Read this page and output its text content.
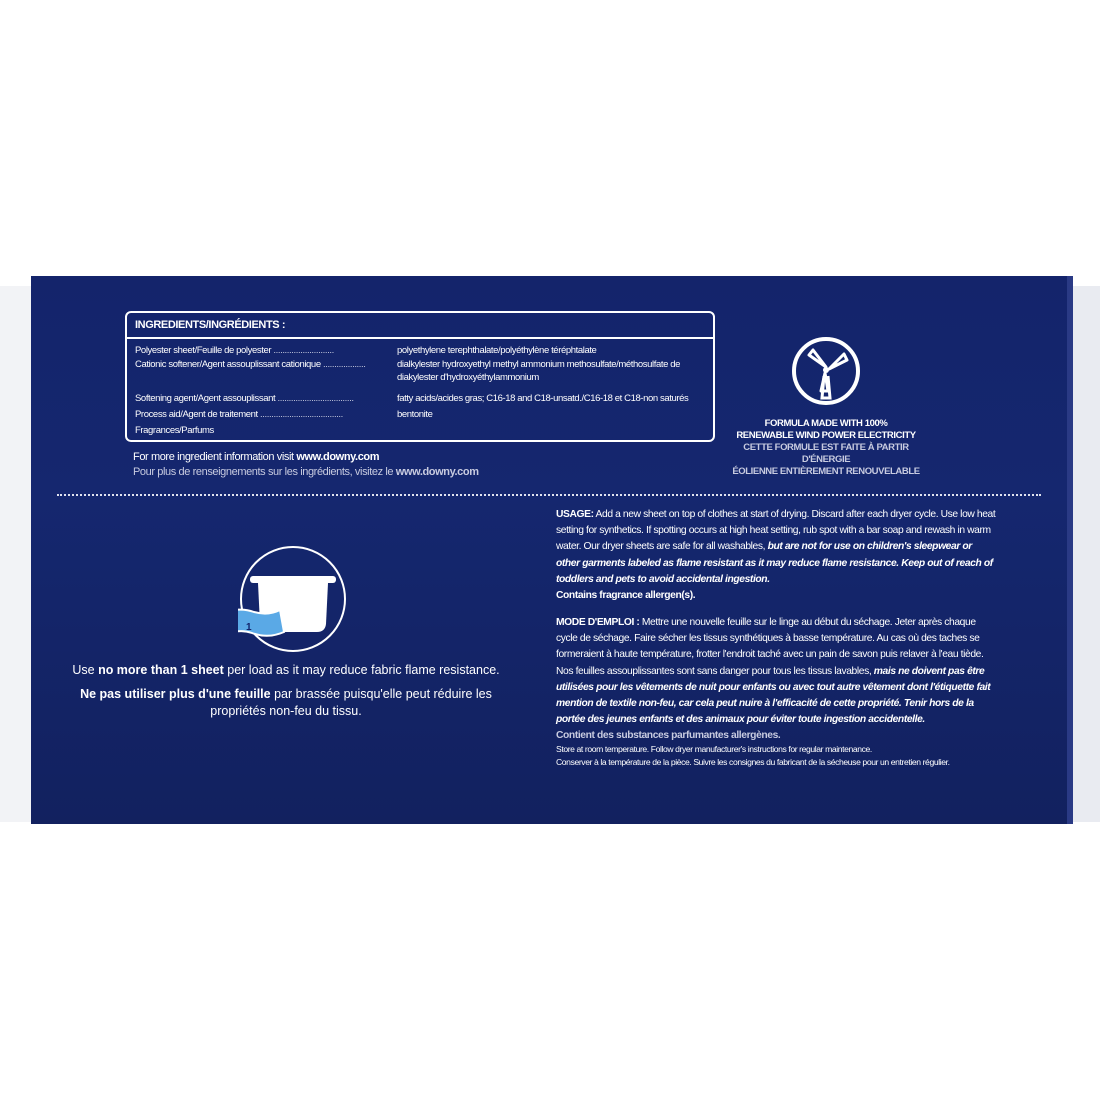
INGREDIENTS/INGRÉDIENTS :
Polyester sheet/Feuille de polyester ...........................	polyethylene terephthalate/polyéthylène téréphtalate
Cationic softener/Agent assouplissant cationique ...................	dialkylester hydroxyethyl methyl ammonium methosulfate/méthosulfate de diakylester d'hydroxyéthylammonium
Softening agent/Agent assouplissant ..................................	fatty acids/acides gras; C16-18 and C18-unsatd./C16-18 et C18-non saturés
Process aid/Agent de traitement .....................................	bentonite
Fragrances/Parfums
For more ingredient information visit www.downy.com
Pour plus de renseignements sur les ingrédients, visitez le www.downy.com
FORMULA MADE WITH 100%
RENEWABLE WIND POWER ELECTRICITY
CETTE FORMULE EST FAITE À PARTIR D'ÉNERGIE
ÉOLIENNE ENTIÈREMENT RENOUVELABLE
1
Use no more than 1 sheet per load as it may reduce fabric flame resistance.
Ne pas utiliser plus d'une feuille par brassée puisqu'elle peut réduire les propriétés non-feu du tissu.
USAGE: Add a new sheet on top of clothes at start of drying. Discard after each dryer cycle. Use low heat setting for synthetics. If spotting occurs at high heat setting, rub spot with a bar soap and rewash in warm water. Our dryer sheets are safe for all washables, but are not for use on children's sleepwear or other garments labeled as flame resistant as it may reduce flame resistance. Keep out of reach of toddlers and pets to avoid accidental ingestion.
Contains fragrance allergen(s).
MODE D'EMPLOI : Mettre une nouvelle feuille sur le linge au début du séchage. Jeter après chaque cycle de séchage. Faire sécher les tissus synthétiques à basse température. Au cas où des taches se formeraient à haute température, frotter l'endroit taché avec un pain de savon puis relaver à l'eau tiède. Nos feuilles assouplissantes sont sans danger pour tous les tissus lavables, mais ne doivent pas être utilisées pour les vêtements de nuit pour enfants ou avec tout autre vêtement dont l'étiquette fait mention de textile non-feu, car cela peut nuire à l'efficacité de cette propriété. Tenir hors de la portée des jeunes enfants et des animaux pour éviter toute ingestion accidentelle.
Contient des substances parfumantes allergènes.
Store at room temperature. Follow dryer manufacturer's instructions for regular maintenance.
Conserver à la température de la pièce. Suivre les consignes du fabricant de la sécheuse pour un entretien régulier.
